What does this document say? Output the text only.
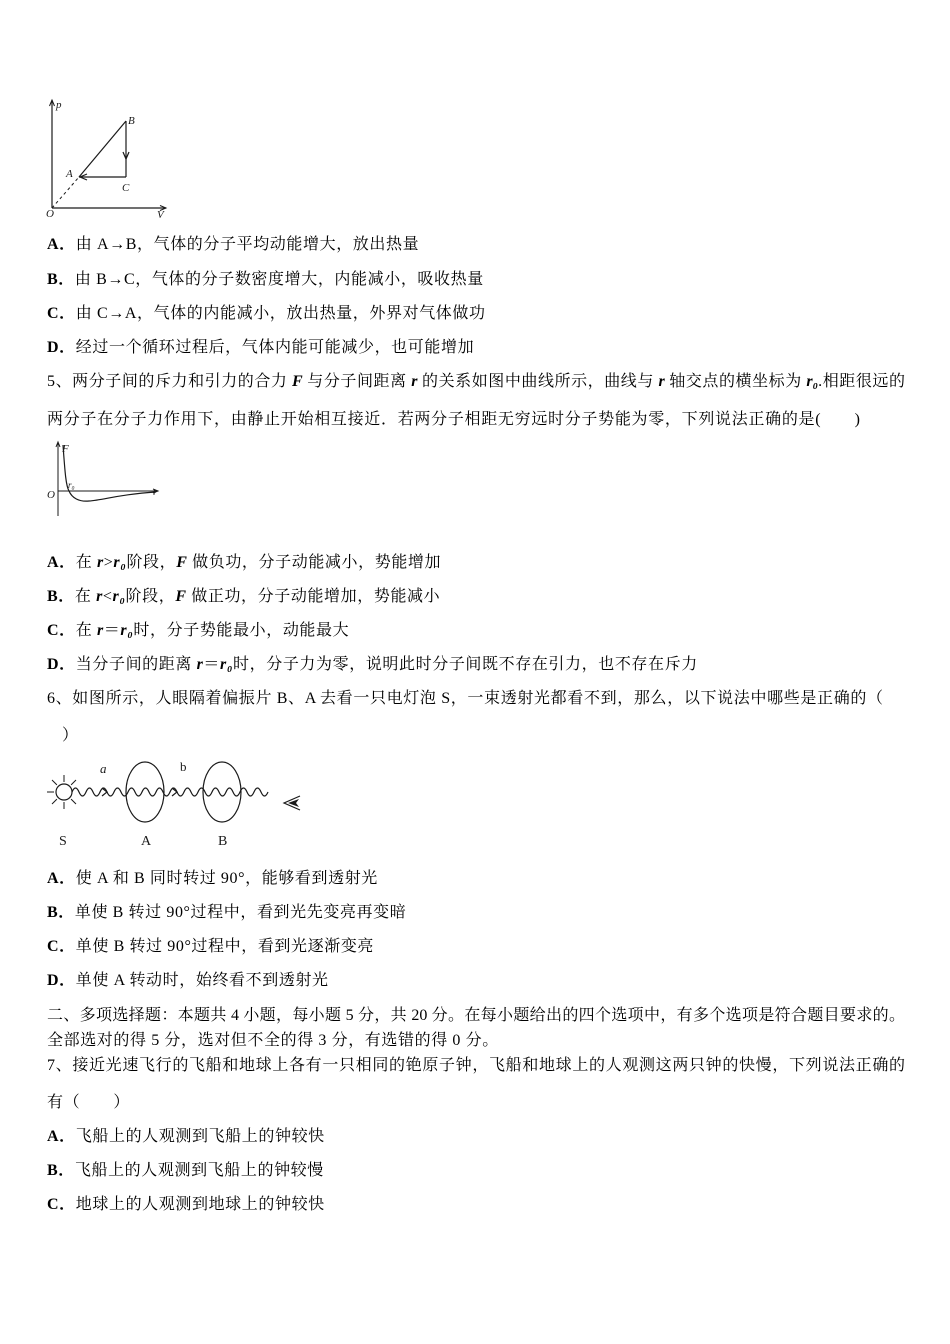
p
V
O
A
B
C
A．由 A→B，气体的分子平均动能增大，放出热量
B．由 B→C，气体的分子数密度增大，内能减小，吸收热量
C．由 C→A，气体的内能减小，放出热量，外界对气体做功
D．经过一个循环过程后，气体内能可能减少，也可能增加
5、两分子间的斥力和引力的合力 F 与分子间距离 r 的关系如图中曲线所示，曲线与 r 轴交点的横坐标为 r₀.相距很远的
两分子在分子力作用下，由静止开始相互接近．若两分子相距无穷远时分子势能为零，下列说法正确的是(　　)
F
O
r₀
r
A．在 r>r₀阶段，F 做负功，分子动能减小，势能增加
B．在 r<r₀阶段，F 做正功，分子动能增加，势能减小
C．在 r＝r₀时，分子势能最小，动能最大
D．当分子间的距离 r＝r₀时，分子力为零，说明此时分子间既不存在引力，也不存在斥力
6、如图所示，人眼隔着偏振片 B、A 去看一只电灯泡 S，一束透射光都看不到，那么，以下说法中哪些是正确的（
）
a	b
S	A	B
A．使 A 和 B 同时转过 90°，能够看到透射光
B．单使 B 转过 90°过程中，看到光先变亮再变暗
C．单使 B 转过 90°过程中，看到光逐渐变亮
D．单使 A 转动时，始终看不到透射光
二、多项选择题：本题共 4 小题，每小题 5 分，共 20 分。在每小题给出的四个选项中，有多个选项是符合题目要求的。
全部选对的得 5 分，选对但不全的得 3 分，有选错的得 0 分。
7、接近光速飞行的飞船和地球上各有一只相同的铯原子钟，飞船和地球上的人观测这两只钟的快慢，下列说法正确的
有（　　）
A．飞船上的人观测到飞船上的钟较快
B．飞船上的人观测到飞船上的钟较慢
C．地球上的人观测到地球上的钟较快
